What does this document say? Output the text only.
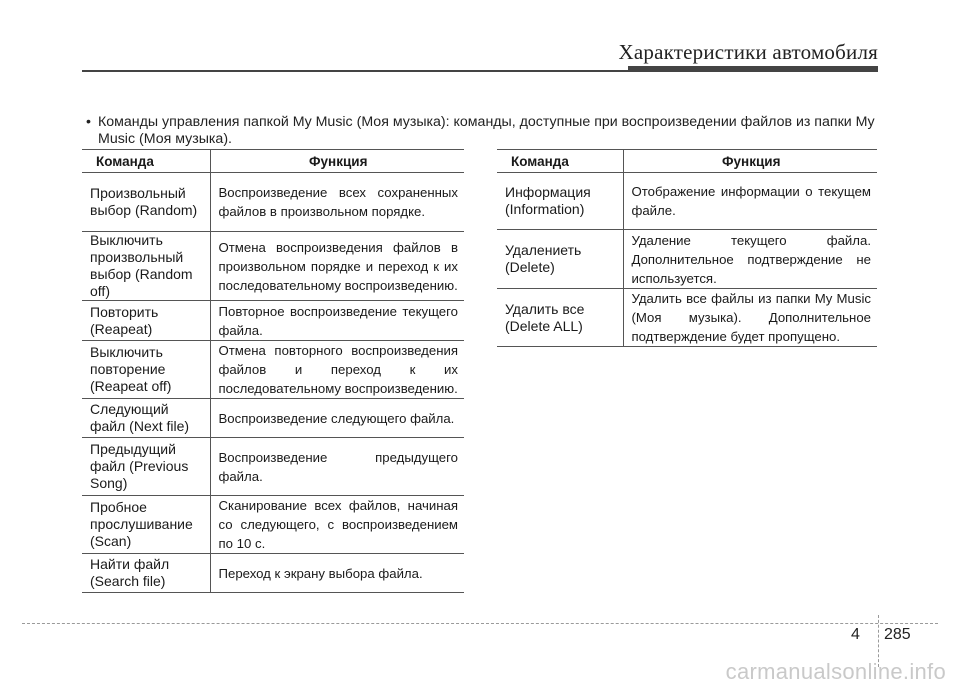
Характеристики автомобиля
• Команды управления папкой My Music (Моя музыка): команды, доступные при воспроизведении файлов из папки My Music (Моя музыка).
Команда	Функция
Произвольный выбор (Random)	Воспроизведение всех сохраненных файлов в произвольном порядке.
Выключить произвольный выбор (Random off)	Отмена воспроизведения файлов в произвольном порядке и переход к их последовательному воспроизведению.
Повторить (Reapeat)	Повторное воспроизведение текущего файла.
Выключить повторение (Reapeat off)	Отмена повторного воспроизведения файлов и переход к их последовательному воспроизведению.
Следующий файл (Next file)	Воспроизведение следующего файла.
Предыдущий файл (Previous Song)	Воспроизведение предыдущего файла.
Пробное прослушивание (Scan)	Сканирование всех файлов, начиная со следующего, с воспроизведением по 10 с.
Найти файл (Search file)	Переход к экрану выбора файла.
Команда	Функция
Информация (Information)	Отображение информации о текущем файле.
Удалениеть (Delete)	Удаление текущего файла. Дополнительное подтверждение не используется.
Удалить все (Delete ALL)	Удалить все файлы из папки My Music (Моя музыка). Дополнительное подтверждение будет пропущено.
4 285
carmanualsonline.info
